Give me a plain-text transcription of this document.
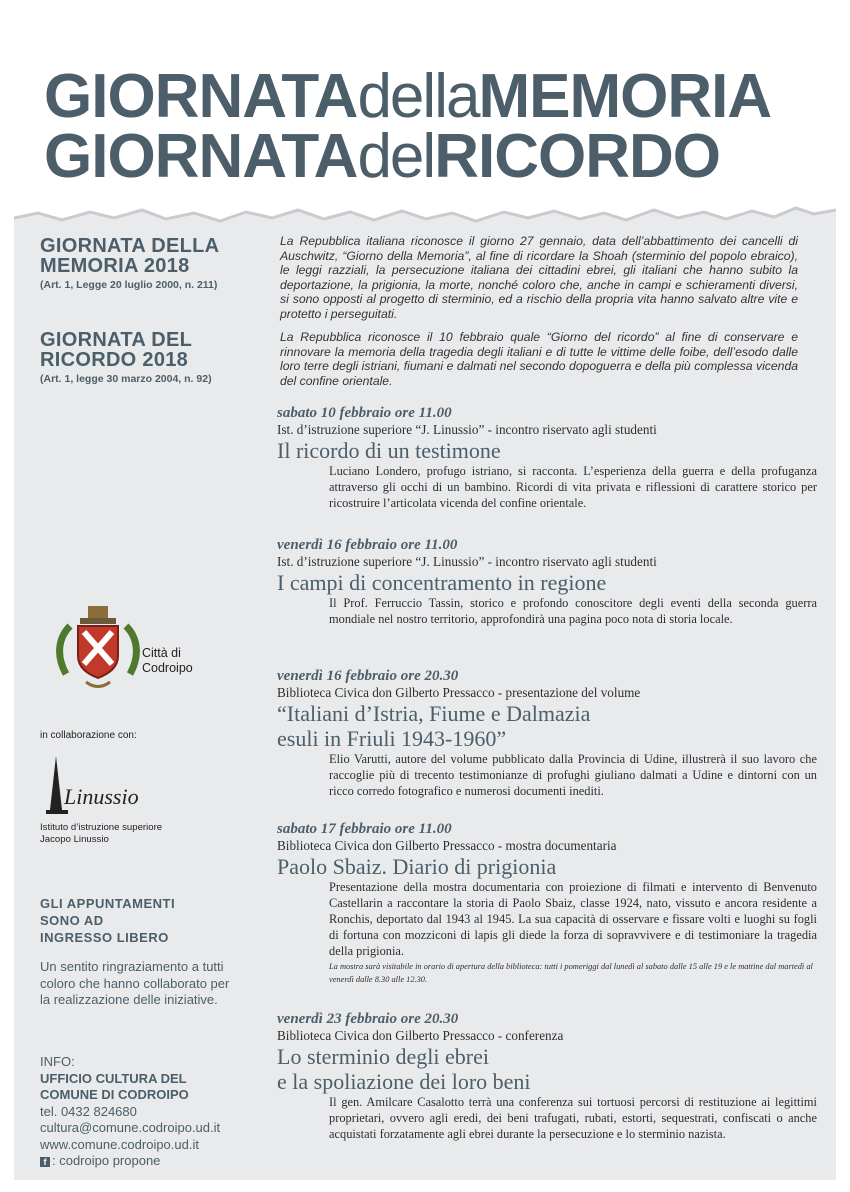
GIORNATAdellaMEMORIA
GIORNATAdelRICORDO
GIORNATA DELLA
MEMORIA 2018
(Art. 1, Legge 20 luglio 2000, n. 211)
La Repubblica italiana riconosce il giorno 27 gennaio, data dell’abbattimento dei cancelli di Auschwitz, “Giorno della Memoria”, al fine di ricordare la Shoah (sterminio del popolo ebraico), le leggi razziali, la persecuzione italiana dei cittadini ebrei, gli italiani che hanno subito la deportazione, la prigionia, la morte, nonché coloro che, anche in campi e schieramenti diversi, si sono opposti al progetto di sterminio, ed a rischio della propria vita hanno salvato altre vite e protetto i perseguitati.
GIORNATA DEL
RICORDO 2018
(Art. 1, legge 30 marzo 2004, n. 92)
La Repubblica riconosce il 10 febbraio quale “Giorno del ricordo” al fine di conservare e rinnovare la memoria della tragedia degli italiani e di tutte le vittime delle foibe, dell’esodo dalle loro terre degli istriani, fiumani e dalmati nel secondo dopoguerra e della più complessa vicenda del confine orientale.
sabato 10 febbraio ore 11.00
Ist. d’istruzione superiore “J. Linussio” - incontro riservato agli studenti
Il ricordo di un testimone
Luciano Londero, profugo istriano, si racconta. L’esperienza della guerra e della profuganza attraverso gli occhi di un bambino. Ricordi di vita privata e riflessioni di carattere storico per ricostruire l’articolata vicenda del confine orientale.
venerdì 16 febbraio ore 11.00
Ist. d’istruzione superiore “J. Linussio” - incontro riservato agli studenti
I campi di concentramento in regione
Il Prof. Ferruccio Tassin, storico e profondo conoscitore degli eventi della seconda guerra mondiale nel nostro territorio, approfondirà una pagina poco nota di storia locale.
venerdì 16 febbraio ore 20.30
Biblioteca Civica don Gilberto Pressacco - presentazione del volume
“Italiani d’Istria, Fiume e Dalmazia
esuli in Friuli 1943-1960”
Elio Varutti, autore del volume pubblicato dalla Provincia di Udine, illustrerà il suo lavoro che raccoglie più di trecento testimonianze di profughi giuliano dalmati a Udine e dintorni con un ricco corredo fotografico e numerosi documenti inediti.
sabato 17 febbraio ore 11.00
Biblioteca Civica don Gilberto Pressacco - mostra documentaria
Paolo Sbaiz. Diario di prigionia
Presentazione della mostra documentaria con proiezione di filmati e intervento di Benvenuto Castellarin a raccontare la storia di Paolo Sbaiz, classe 1924, nato, vissuto e ancora residente a Ronchis, deportato dal 1943 al 1945. La sua capacità di osservare e fissare volti e luoghi su fogli di fortuna con mozziconi di lapis gli diede la forza di sopravvivere e di testimoniare la tragedia della prigionia.
La mostra sarà visitabile in orario di apertura della biblioteca: tutti i pomeriggi dal lunedì al sabato dalle 15 alle 19 e le mattine dal martedì al venerdì dalle 8.30 alle 12.30.
venerdì 23 febbraio ore 20.30
Biblioteca Civica don Gilberto Pressacco - conferenza
Lo sterminio degli ebrei
e la spoliazione dei loro beni
Il gen. Amilcare Casalotto terrà una conferenza sui tortuosi percorsi di restituzione ai legittimi proprietari, ovvero agli eredi, dei beni trafugati, rubati, estorti, sequestrati, confiscati o anche acquistati forzatamente agli ebrei durante la persecuzione e lo sterminio nazista.
Città di
Codroipo
in collaborazione con:
Linussio
Istituto d’istruzione superiore
Jacopo Linussio
GLI APPUNTAMENTI
SONO AD
INGRESSO LIBERO
Un sentito ringraziamento a tutti coloro che hanno collaborato per la realizzazione delle iniziative.
INFO:
UFFICIO CULTURA DEL
COMUNE DI CODROIPO
tel. 0432 824680
cultura@comune.codroipo.ud.it
www.comune.codroipo.ud.it
f : codroipo propone
